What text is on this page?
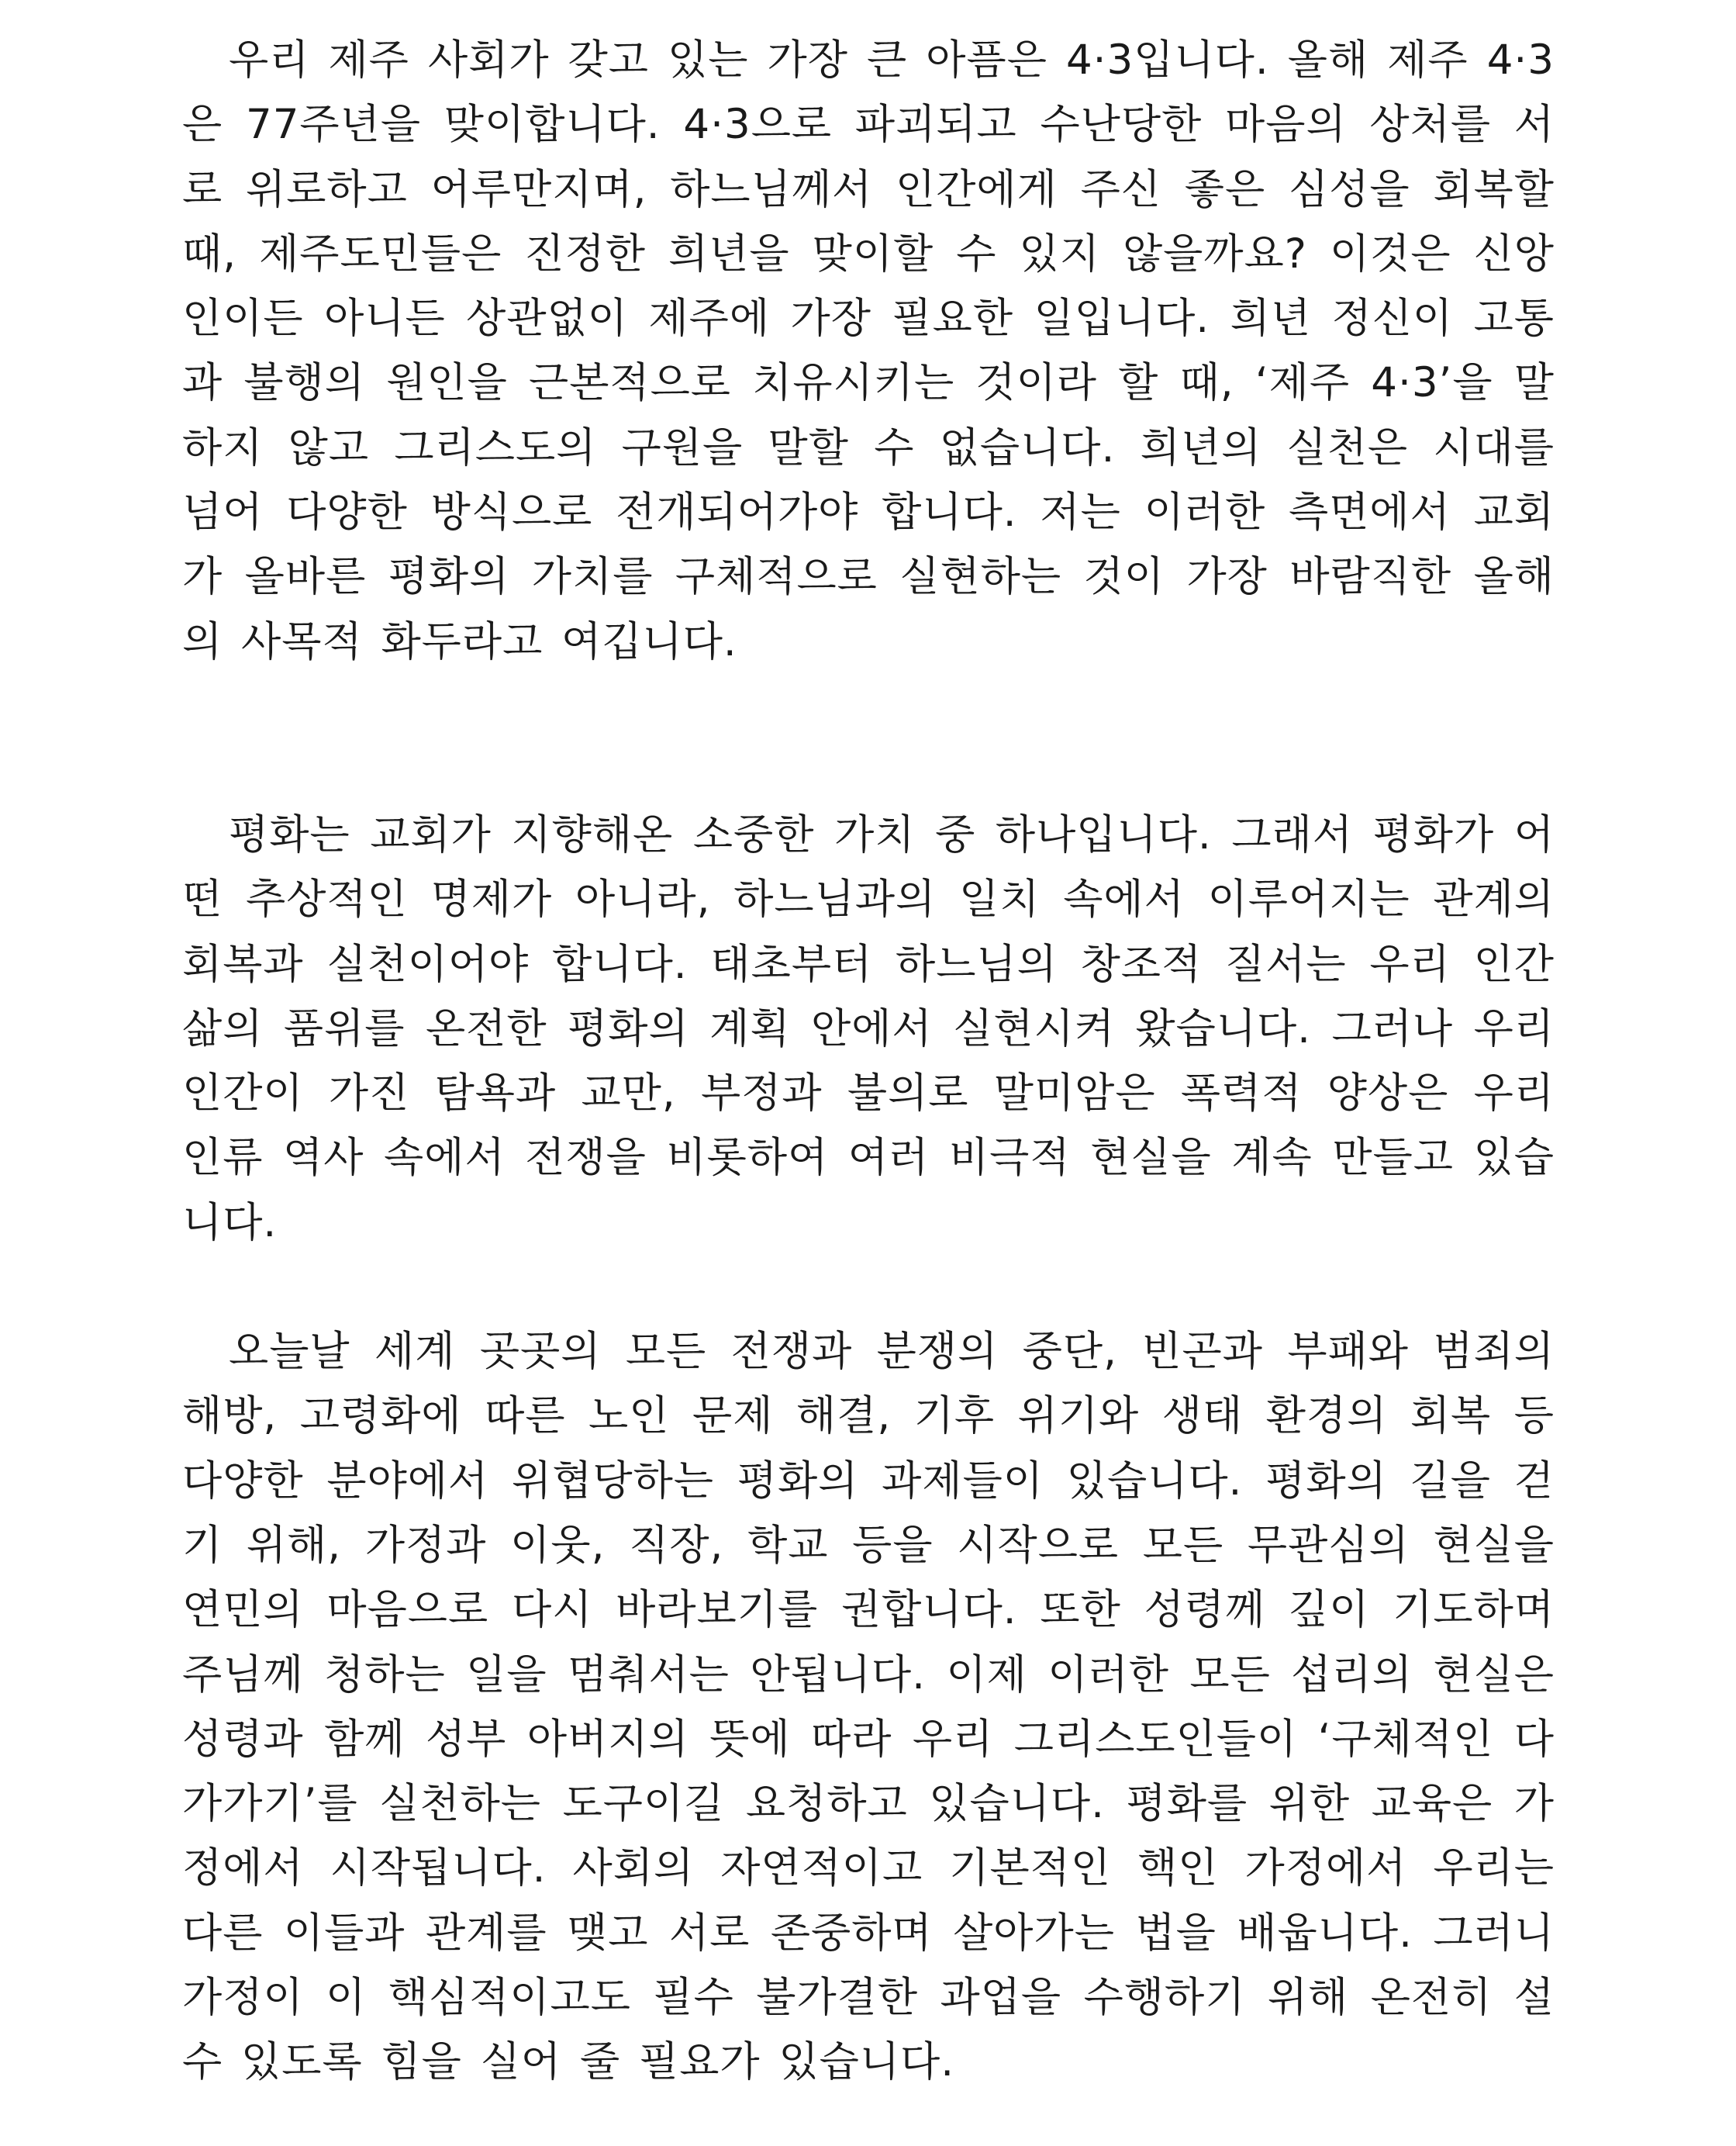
우리 제주 사회가 갖고 있는 가장 큰 아픔은 4·3입니다. 올해 제주 4·3은 77주년을 맞이합니다. 4·3으로 파괴되고 수난당한 마음의 상처를 서로 위로하고 어루만지며, 하느님께서 인간에게 주신 좋은 심성을 회복할 때, 제주도민들은 진정한 희년을 맞이할 수 있지 않을까요? 이것은 신앙인이든 아니든 상관없이 제주에 가장 필요한 일입니다. 희년 정신이 고통과 불행의 원인을 근본적으로 치유시키는 것이라 할 때, ‘제주 4·3’을 말하지 않고 그리스도의 구원을 말할 수 없습니다. 희년의 실천은 시대를 넘어 다양한 방식으로 전개되어가야 합니다. 저는 이러한 측면에서 교회가 올바른 평화의 가치를 구체적으로 실현하는 것이 가장 바람직한 올해의 사목적 화두라고 여깁니다.

평화는 교회가 지향해온 소중한 가치 중 하나입니다. 그래서 평화가 어떤 추상적인 명제가 아니라, 하느님과의 일치 속에서 이루어지는 관계의 회복과 실천이어야 합니다. 태초부터 하느님의 창조적 질서는 우리 인간 삶의 품위를 온전한 평화의 계획 안에서 실현시켜 왔습니다. 그러나 우리 인간이 가진 탐욕과 교만, 부정과 불의로 말미암은 폭력적 양상은 우리 인류 역사 속에서 전쟁을 비롯하여 여러 비극적 현실을 계속 만들고 있습니다.

오늘날 세계 곳곳의 모든 전쟁과 분쟁의 중단, 빈곤과 부패와 범죄의 해방, 고령화에 따른 노인 문제 해결, 기후 위기와 생태 환경의 회복 등 다양한 분야에서 위협당하는 평화의 과제들이 있습니다. 평화의 길을 걷기 위해, 가정과 이웃, 직장, 학교 등을 시작으로 모든 무관심의 현실을 연민의 마음으로 다시 바라보기를 권합니다. 또한 성령께 깊이 기도하며 주님께 청하는 일을 멈춰서는 안됩니다. 이제 이러한 모든 섭리의 현실은 성령과 함께 성부 아버지의 뜻에 따라 우리 그리스도인들이 ‘구체적인 다가가기’를 실천하는 도구이길 요청하고 있습니다. 평화를 위한 교육은 가정에서 시작됩니다. 사회의 자연적이고 기본적인 핵인 가정에서 우리는 다른 이들과 관계를 맺고 서로 존중하며 살아가는 법을 배웁니다. 그러니 가정이 이 핵심적이고도 필수 불가결한 과업을 수행하기 위해 온전히 설 수 있도록 힘을 실어 줄 필요가 있습니다.
